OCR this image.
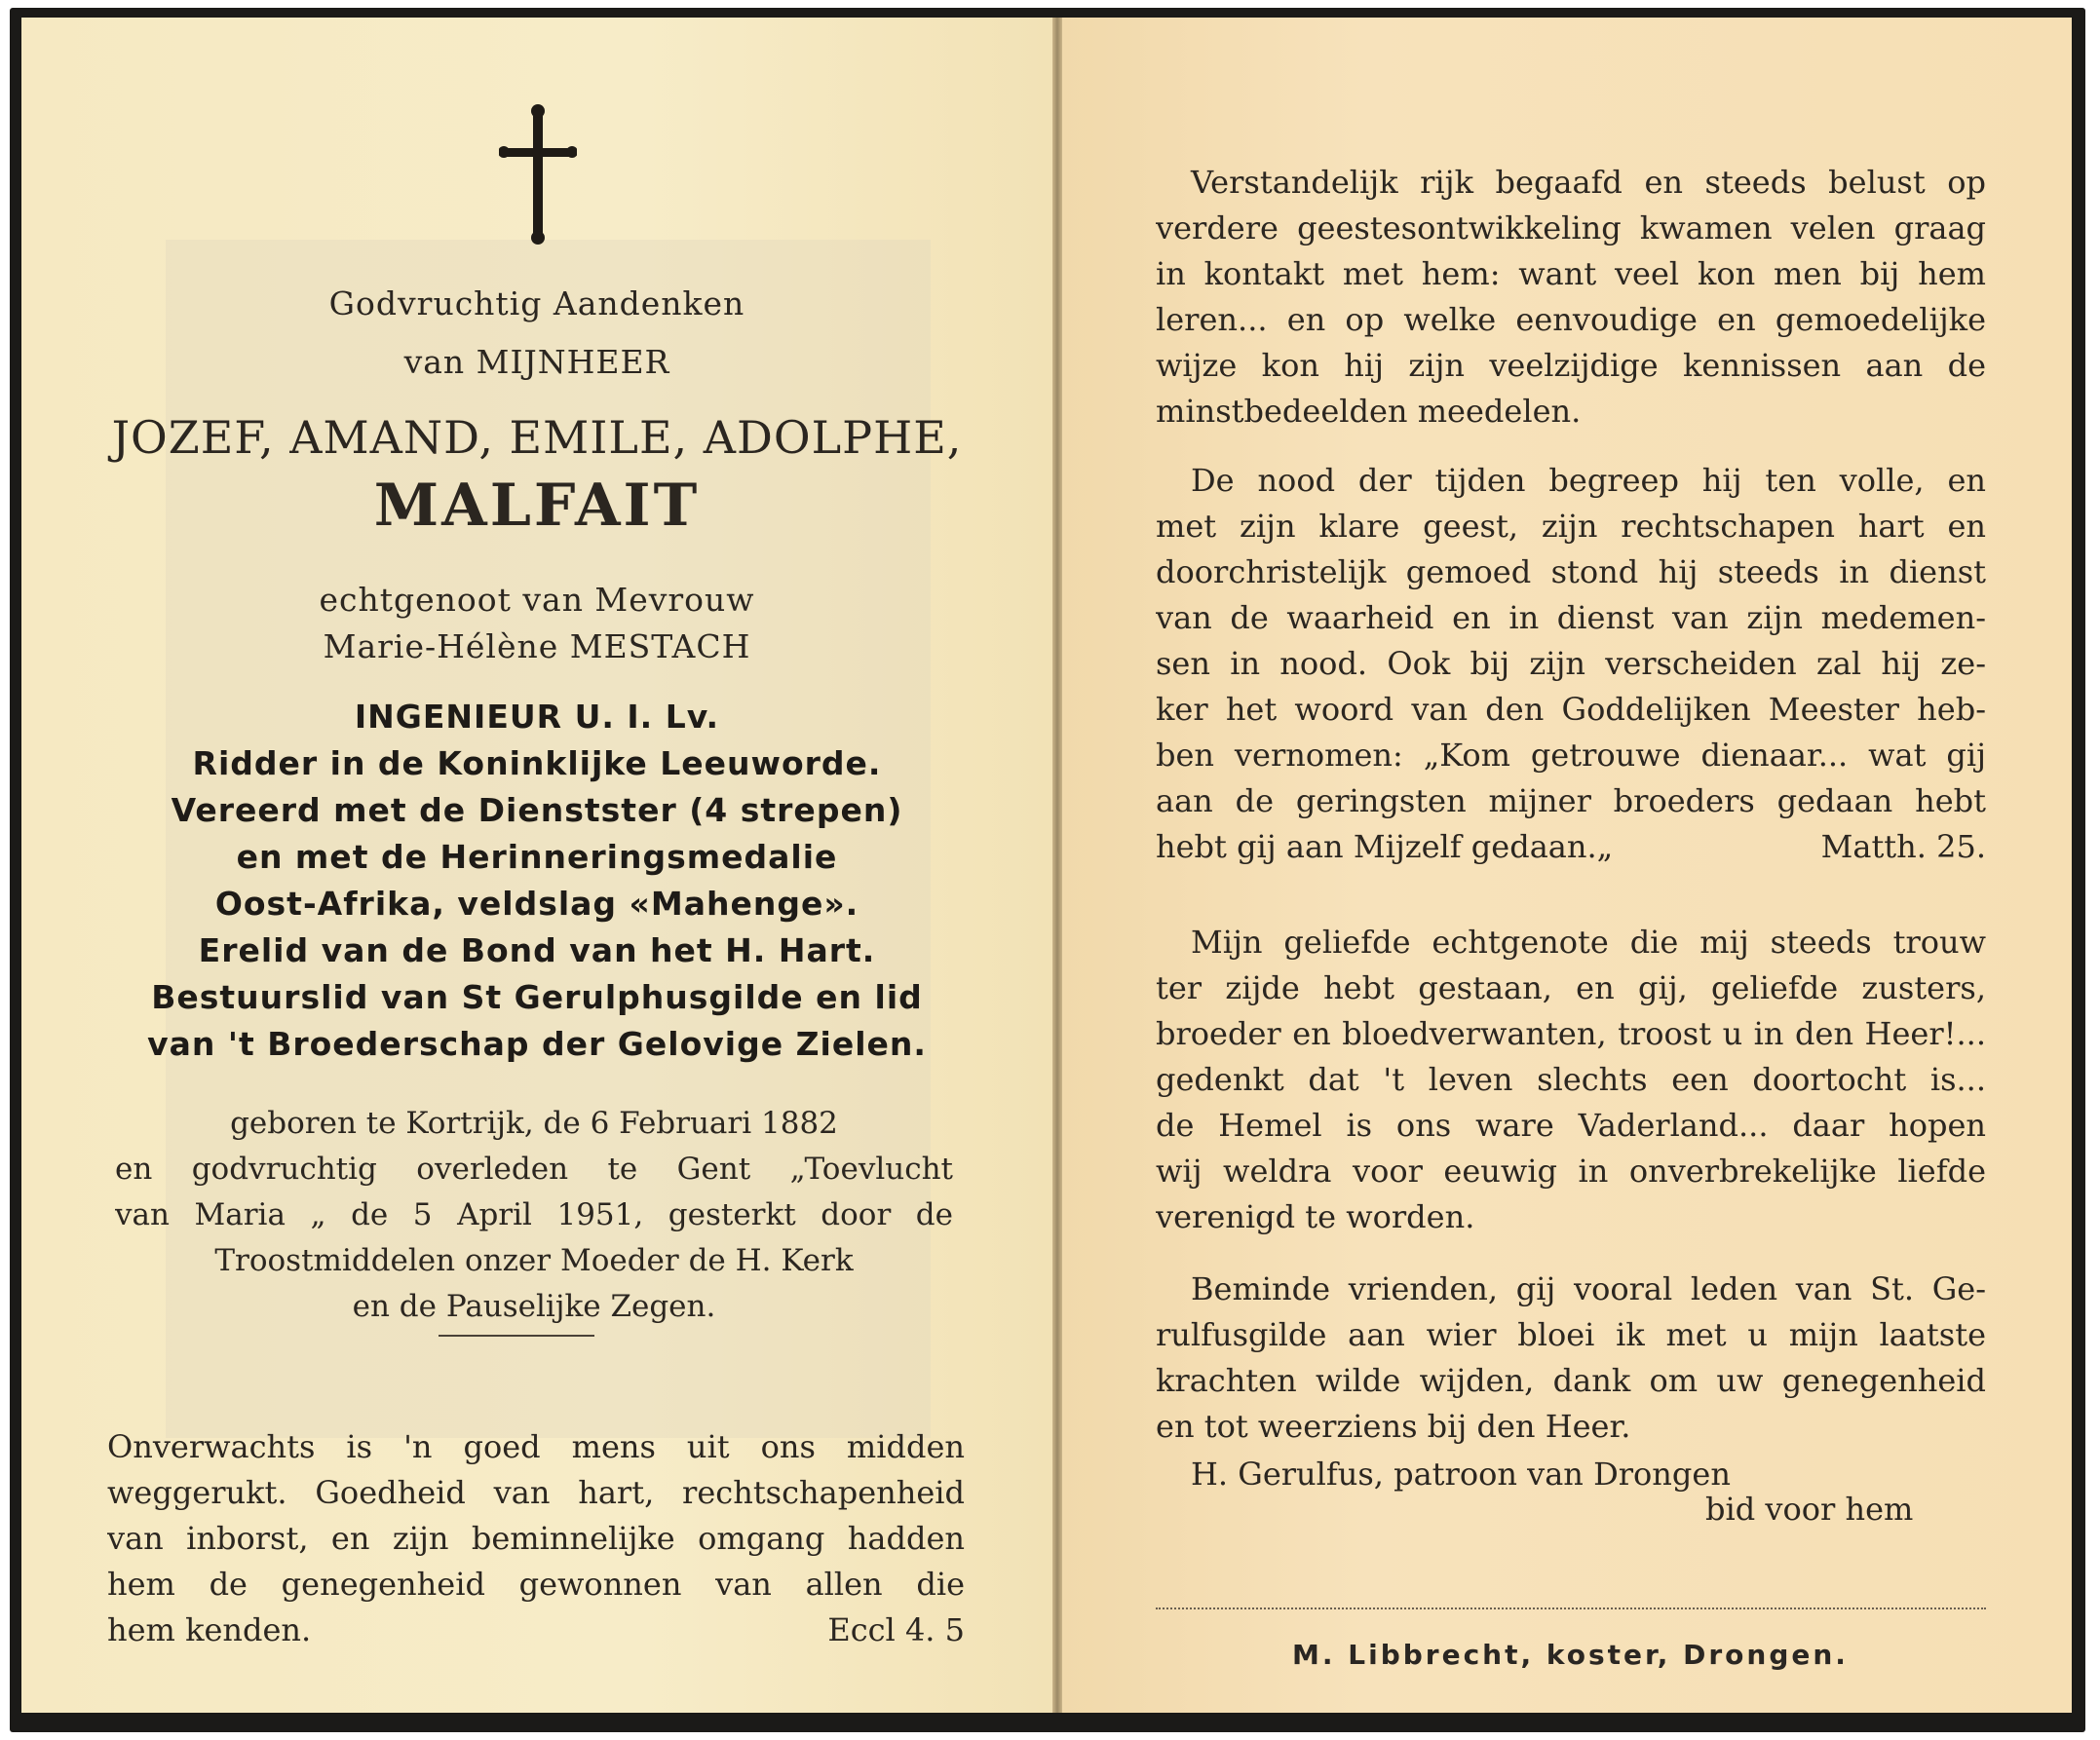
Godvruchtig Aandenken
van MIJNHEER
JOZEF, AMAND, EMILE, ADOLPHE,
MALFAIT
echtgenoot van Mevrouw
Marie-Hélène MESTACH
INGENIEUR U. I. Lv.
Ridder in de Koninklijke Leeuworde.
Vereerd met de Dienstster (4 strepen)
en met de Herinneringsmedalie
Oost-Afrika, veldslag «Mahenge».
Erelid van de Bond van het H. Hart.
Bestuurslid van St Gerulphusgilde en lid
van 't Broederschap der Gelovige Zielen.
geboren te Kortrijk, de 6 Februari 1882
en godvruchtig overleden te Gent „Toevlucht
van Maria „ de 5 April 1951, gesterkt door de
Troostmiddelen onzer Moeder de H. Kerk
en de Pauselijke Zegen.
Onverwachts is 'n goed mens uit ons midden
weggerukt. Goedheid van hart, rechtschapenheid
van inborst, en zijn beminnelijke omgang hadden
hem de genegenheid gewonnen van allen die
hem kenden.	Eccl 4. 5
Verstandelijk rijk begaafd en steeds belust op
verdere geestesontwikkeling kwamen velen graag
in kontakt met hem: want veel kon men bij hem
leren... en op welke eenvoudige en gemoedelijke
wijze kon hij zijn veelzijdige kennissen aan de
minstbedeelden meedelen.
De nood der tijden begreep hij ten volle, en
met zijn klare geest, zijn rechtschapen hart en
doorchristelijk gemoed stond hij steeds in dienst
van de waarheid en in dienst van zijn medemen-
sen in nood. Ook bij zijn verscheiden zal hij ze-
ker het woord van den Goddelijken Meester heb-
ben vernomen: „Kom getrouwe dienaar... wat gij
aan de geringsten mijner broeders gedaan hebt
hebt gij aan Mijzelf gedaan.„	Matth. 25.
Mijn geliefde echtgenote die mij steeds trouw
ter zijde hebt gestaan, en gij, geliefde zusters,
broeder en bloedverwanten, troost u in den Heer!...
gedenkt dat 't leven slechts een doortocht is...
de Hemel is ons ware Vaderland... daar hopen
wij weldra voor eeuwig in onverbrekelijke liefde
verenigd te worden.
Beminde vrienden, gij vooral leden van St. Ge-
rulfusgilde aan wier bloei ik met u mijn laatste
krachten wilde wijden, dank om uw genegenheid
en tot weerziens bij den Heer.
H. Gerulfus, patroon van Drongen
bid voor hem
M. Libbrecht, koster, Drongen.
